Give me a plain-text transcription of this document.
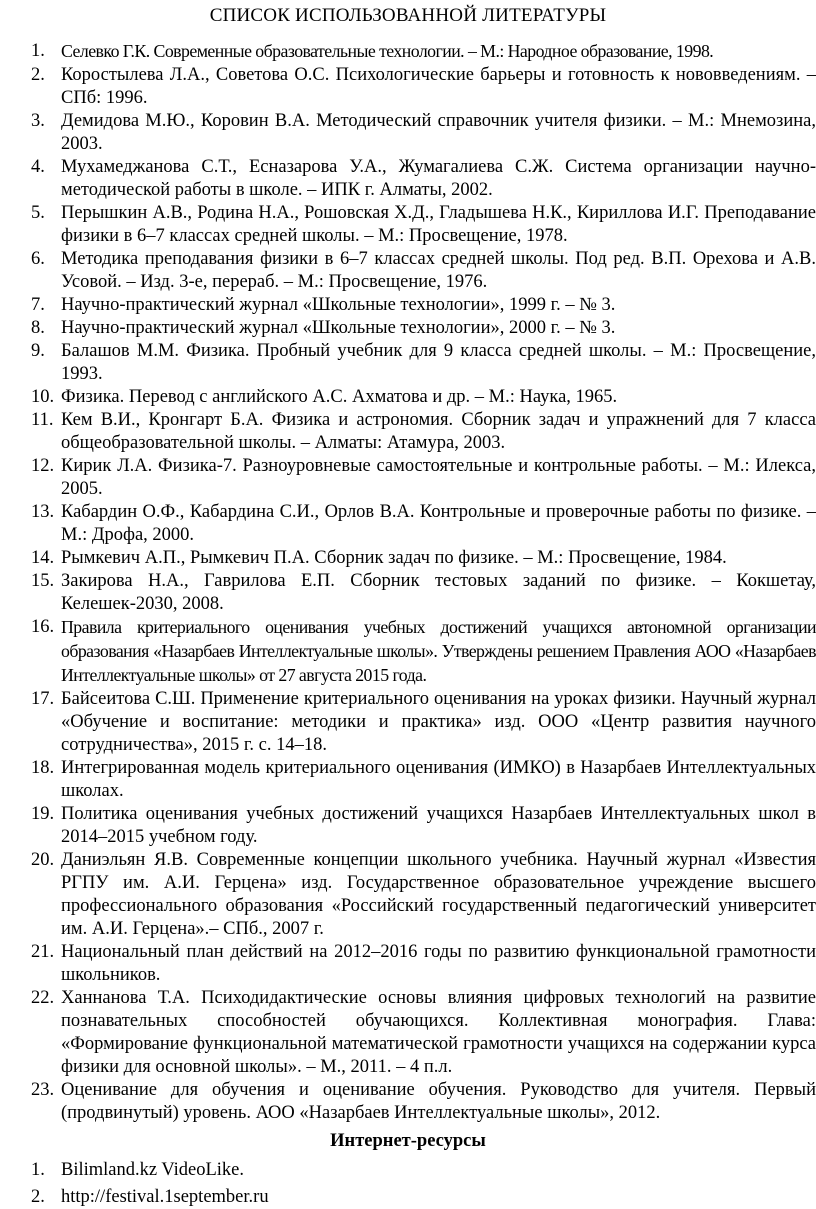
СПИСОК ИСПОЛЬЗОВАННОЙ ЛИТЕРАТУРЫ
1. Селевко Г.К. Современные образовательные технологии. – М.: Народное образование, 1998.
2. Коростылева Л.А., Советова О.С. Психологические барьеры и готовность к нововведениям. – СПб: 1996.
3. Демидова М.Ю., Коровин В.А. Методический справочник учителя физики. – М.: Мнемозина, 2003.
4. Мухамеджанова С.Т., Есназарова У.А., Жумагалиева С.Ж. Система организации научно-методической работы в школе. – ИПК г. Алматы, 2002.
5. Перышкин А.В., Родина Н.А., Рошовская Х.Д., Гладышева Н.К., Кириллова И.Г. Преподавание физики в 6–7 классах средней школы. – М.: Просвещение, 1978.
6. Методика преподавания физики в 6–7 классах средней школы. Под ред. В.П. Орехова и А.В. Усовой. – Изд. 3-е, перераб. – М.: Просвещение, 1976.
7. Научно-практический журнал «Школьные технологии», 1999 г. – № 3.
8. Научно-практический журнал «Школьные технологии», 2000 г. – № 3.
9. Балашов М.М. Физика. Пробный учебник для 9 класса средней школы. – М.: Просвещение, 1993.
10. Физика. Перевод с английского А.С. Ахматова и др. – М.: Наука, 1965.
11. Кем В.И., Кронгарт Б.А. Физика и астрономия. Сборник задач и упражнений для 7 класса общеобразовательной школы. – Алматы: Атамура, 2003.
12. Кирик Л.А. Физика-7. Разноуровневые самостоятельные и контрольные работы. – М.: Илекса, 2005.
13. Кабардин О.Ф., Кабардина С.И., Орлов В.А. Контрольные и проверочные работы по физике. – М.: Дрофа, 2000.
14. Рымкевич А.П., Рымкевич П.А. Сборник задач по физике. – М.: Просвещение, 1984.
15. Закирова Н.А., Гаврилова Е.П. Сборник тестовых заданий по физике. – Кокшетау, Келешек-2030, 2008.
16. Правила критериального оценивания учебных достижений учащихся автономной организации образования «Назарбаев Интеллектуальные школы». Утверждены решением Правления АОО «Назарбаев Интеллектуальные школы» от 27 августа 2015 года.
17. Байсеитова С.Ш. Применение критериального оценивания на уроках физики. Научный журнал «Обучение и воспитание: методики и практика» изд. ООО «Центр развития научного сотрудничества», 2015 г. с. 14–18.
18. Интегрированная модель критериального оценивания (ИМКО) в Назарбаев Интеллектуальных школах.
19. Политика оценивания учебных достижений учащихся Назарбаев Интеллектуальных школ в 2014–2015 учебном году.
20. Даниэльян Я.В. Современные концепции школьного учебника. Научный журнал «Известия РГПУ им. А.И. Герцена» изд. Государственное образовательное учреждение высшего профессионального образования «Российский государственный педагогический университет им. А.И. Герцена».– СПб., 2007 г.
21. Национальный план действий на 2012–2016 годы по развитию функциональной грамотности школьников.
22. Ханнанова Т.А. Психодидактические основы влияния цифровых технологий на развитие познавательных способностей обучающихся. Коллективная монография. Глава: «Формирование функциональной математической грамотности учащихся на содержании курса физики для основной школы». – М., 2011. – 4 п.л.
23. Оценивание для обучения и оценивание обучения. Руководство для учителя. Первый (продвинутый) уровень. АОО «Назарбаев Интеллектуальные школы», 2012.
Интернет-ресурсы
1. Bilimland.kz VideoLike.
2. http://festival.1september.ru
